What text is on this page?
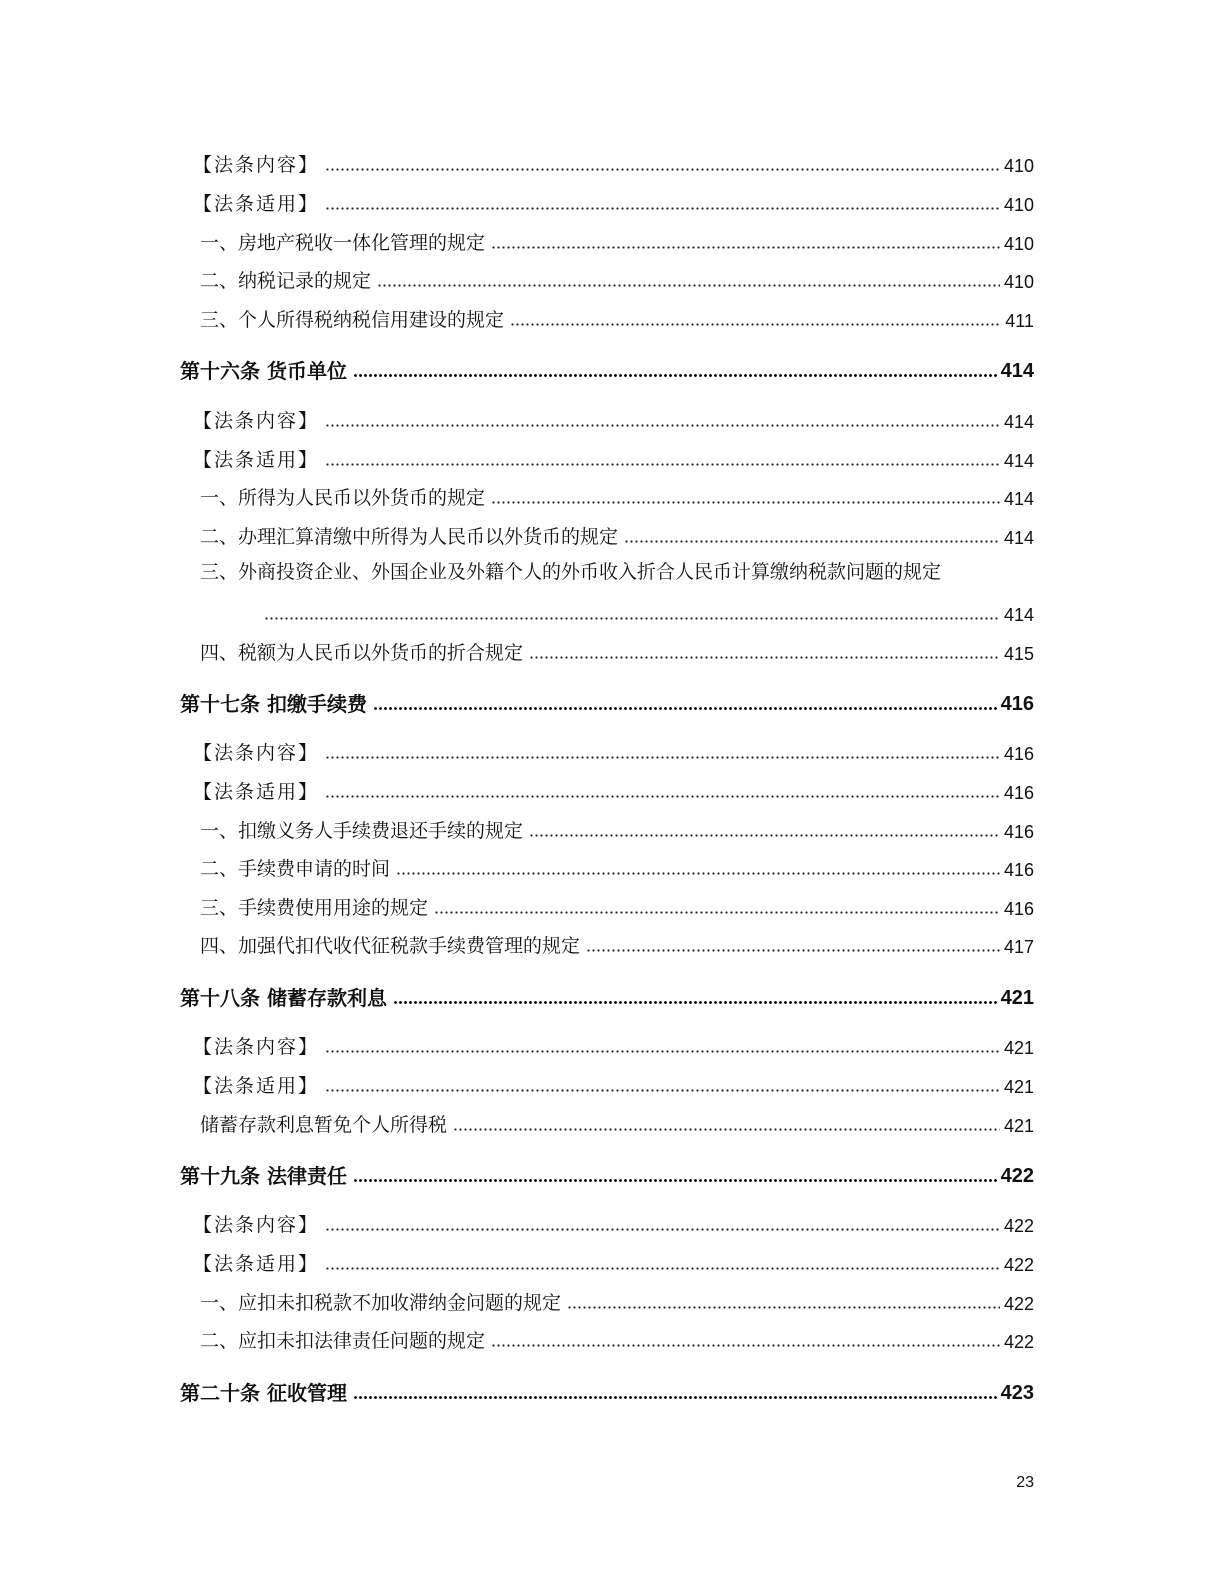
【法条内容】	410
【法条适用】	410
一、房地产税收一体化管理的规定	410
二、纳税记录的规定	410
三、个人所得税纳税信用建设的规定	411
第十六条 货币单位	414
【法条内容】	414
【法条适用】	414
一、所得为人民币以外货币的规定	414
二、办理汇算清缴中所得为人民币以外货币的规定	414
三、外商投资企业、外国企业及外籍个人的外币收入折合人民币计算缴纳税款问题的规定
414
四、税额为人民币以外货币的折合规定	415
第十七条 扣缴手续费	416
【法条内容】	416
【法条适用】	416
一、扣缴义务人手续费退还手续的规定	416
二、手续费申请的时间	416
三、手续费使用用途的规定	416
四、加强代扣代收代征税款手续费管理的规定	417
第十八条 储蓄存款利息	421
【法条内容】	421
【法条适用】	421
储蓄存款利息暂免个人所得税	421
第十九条 法律责任	422
【法条内容】	422
【法条适用】	422
一、应扣未扣税款不加收滞纳金问题的规定	422
二、应扣未扣法律责任问题的规定	422
第二十条 征收管理	423
23
